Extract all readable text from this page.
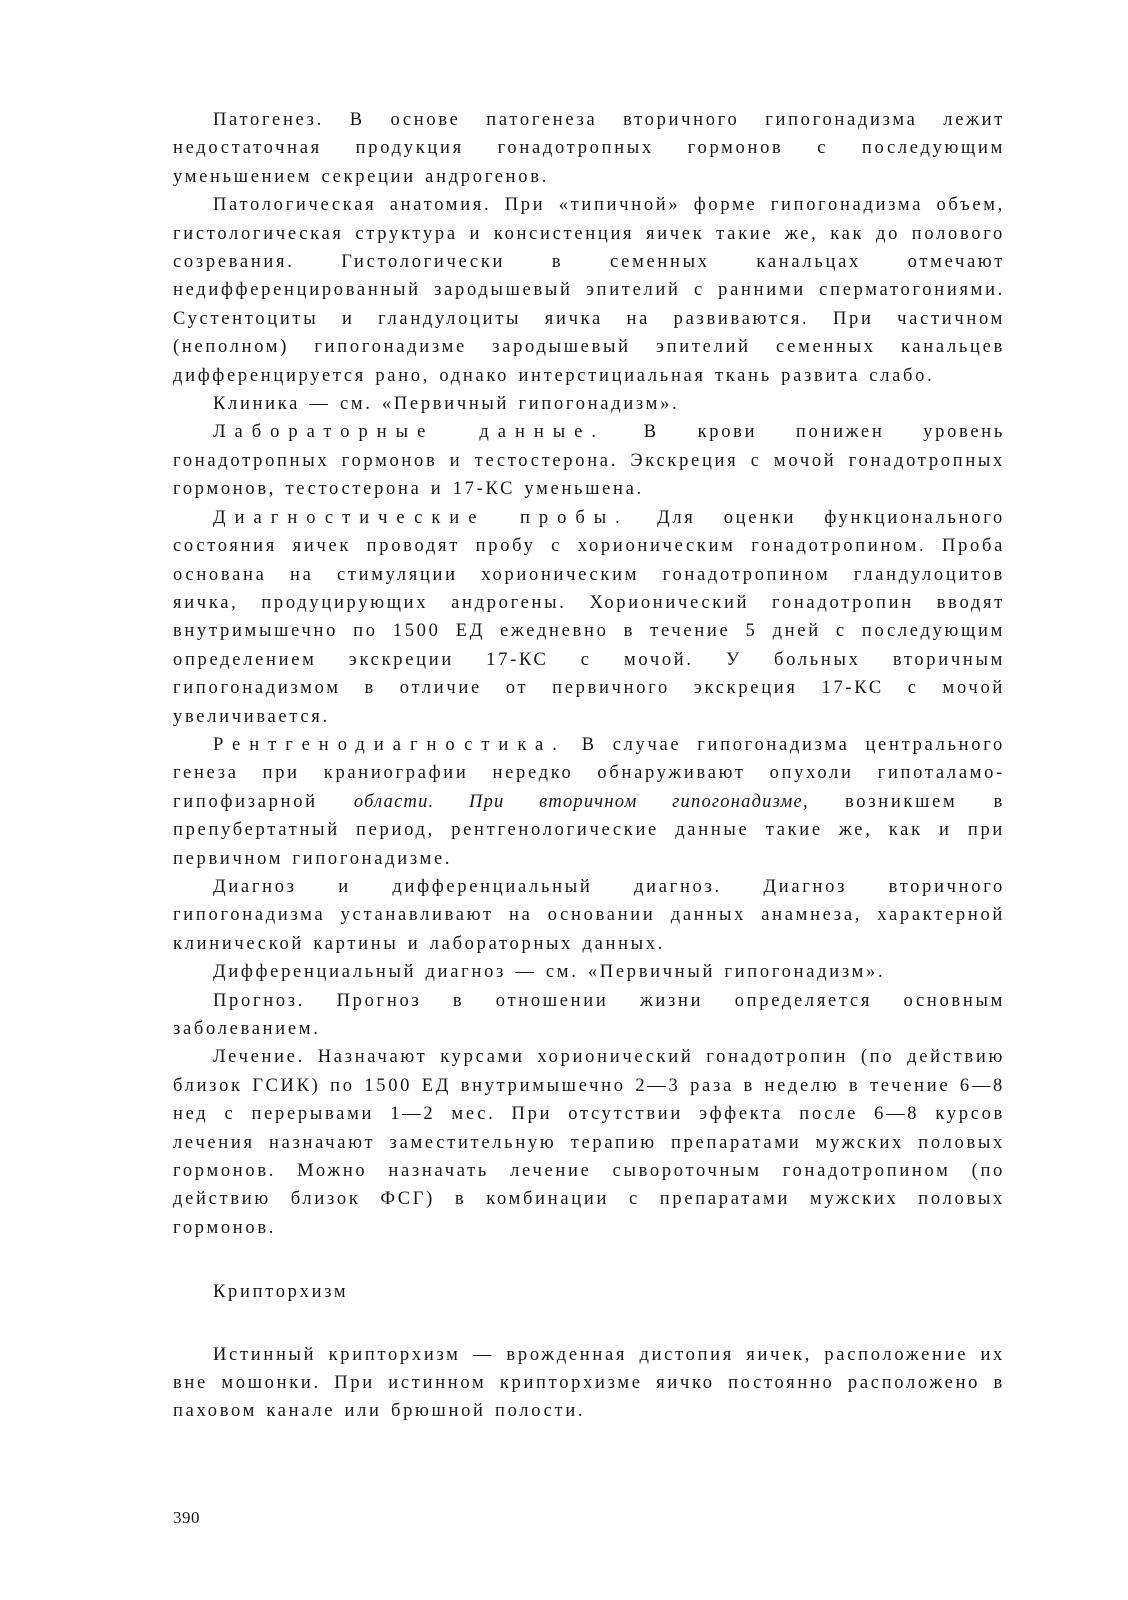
Патогенез. В основе патогенеза вторичного гипогонадизма лежит недостаточная продукция гонадотропных гормонов с последующим уменьшением секреции андрогенов.

Патологическая анатомия. При «типичной» форме гипогонадизма объем, гистологическая структура и консистенция яичек такие же, как до полового созревания. Гистологически в семенных канальцах отмечают недифференцированный зародышевый эпителий с ранними сперматогониями. Сустентоциты и гландулоциты яичка на развиваются. При частичном (неполном) гипогонадизме зародышевый эпителий семенных канальцев дифференцируется рано, однако интерстициальная ткань развита слабо.

Клиника — см. «Первичный гипогонадизм».

Лабораторные данные. В крови понижен уровень гонадотропных гормонов и тестостерона. Экскреция с мочой гонадотропных гормонов, тестостерона и 17-КС уменьшена.

Диагностические пробы. Для оценки функционального состояния яичек проводят пробу с хорионическим гонадотропином. Проба основана на стимуляции хорионическим гонадотропином гландулоцитов яичка, продуцирующих андрогены. Хорионический гонадотропин вводят внутримышечно по 1500 ЕД ежедневно в течение 5 дней с последующим определением экскреции 17-КС с мочой. У больных вторичным гипогонадизмом в отличие от первичного экскреция 17-КС с мочой увеличивается.

Рентгенодиагностика. В случае гипогонадизма центрального генеза при краниографии нередко обнаруживают опухоли гипоталамо-гипофизарной области. При вторичном гипогонадизме, возникшем в препубертатный период, рентгенологические данные такие же, как и при первичном гипогонадизме.

Диагноз и дифференциальный диагноз. Диагноз вторичного гипогонадизма устанавливают на основании данных анамнеза, характерной клинической картины и лабораторных данных.

Дифференциальный диагноз — см. «Первичный гипогонадизм».

Прогноз. Прогноз в отношении жизни определяется основным заболеванием.

Лечение. Назначают курсами хорионический гонадотропин (по действию близок ГСИК) по 1500 ЕД внутримышечно 2—3 раза в неделю в течение 6—8 нед с перерывами 1—2 мес. При отсутствии эффекта после 6—8 курсов лечения назначают заместительную терапию препаратами мужских половых гормонов. Можно назначать лечение сывороточным гонадотропином (по действию близок ФСГ) в комбинации с препаратами мужских половых гормонов.

Крипторхизм

Истинный крипторхизм — врожденная дистопия яичек, расположение их вне мошонки. При истинном крипторхизме яичко постоянно расположено в паховом канале или брюшной полости.

390
